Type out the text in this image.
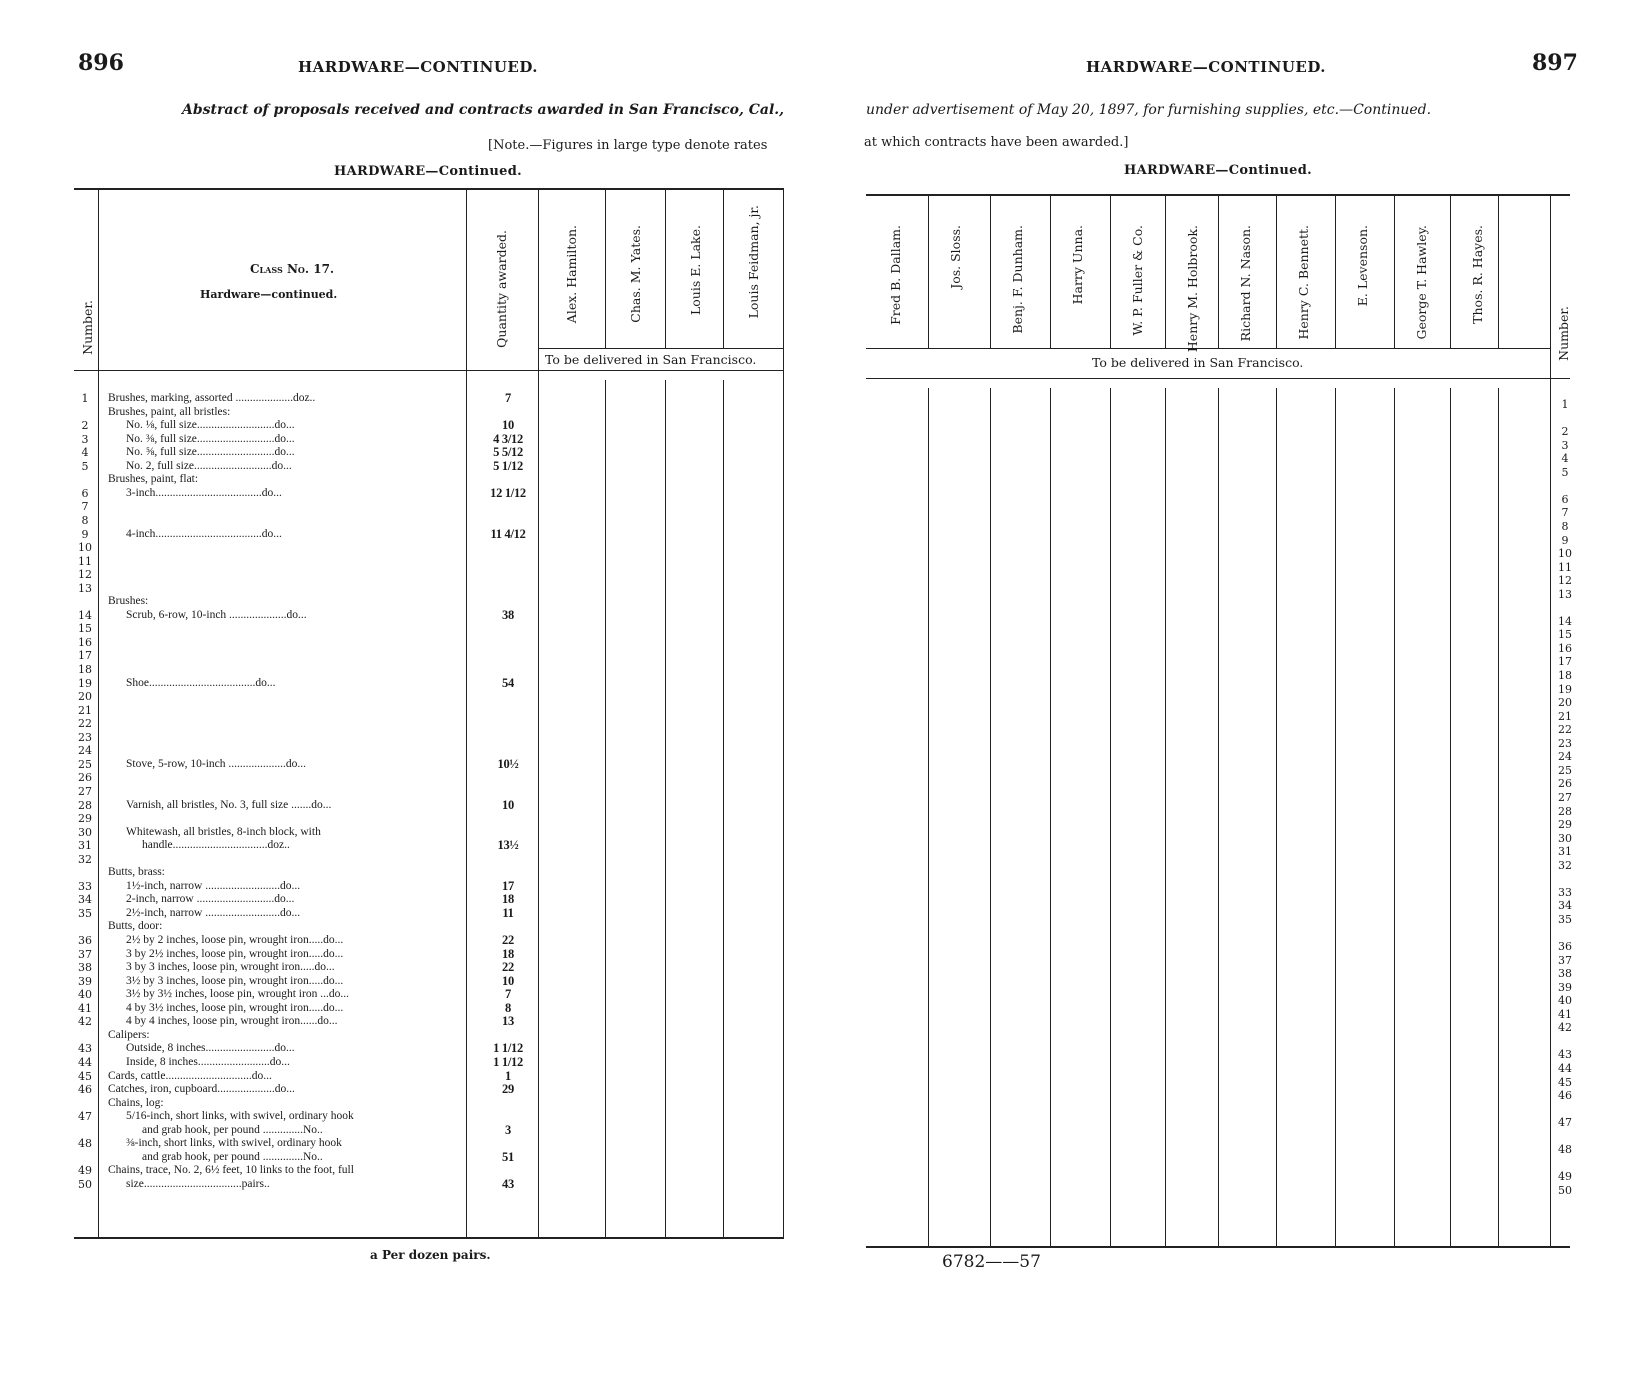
896	HARDWARE—CONTINUED.
Abstract of proposals received and contracts awarded in San Francisco, Cal.,
[Note.—Figures in large type denote rates
HARDWARE—Continued.
Number.
Class No. 17.
Hardware—continued.	Quantity awarded.	Alex. Hamilton.	Chas. M. Yates.	Louis E. Lake.	Louis Feidman, jr.
To be delivered in San Francisco.
1	Brushes, marking, assorted ....................doz..	7
Brushes, paint, all bristles:
2	No. ⅛, full size...........................do...	10
3	No. ⅜, full size...........................do...	4 3/12
4	No. ⅝, full size...........................do...	5 5/12
5	No. 2, full size...........................do...	5 1/12
Brushes, paint, flat:
6	3-inch.....................................do...	12 1/12
7
8
9	4-inch.....................................do...	11 4/12
10
11
12
13
Brushes:
14	Scrub, 6-row, 10-inch ....................do...	38
15
16
17
18
19	Shoe.....................................do...	54
20
21
22
23
24
25	Stove, 5-row, 10-inch ....................do...	10½
26
27
28	Varnish, all bristles, No. 3, full size .......do...	10
29
30	Whitewash, all bristles, 8-inch block, with
31	handle.................................doz..	13½
32
Butts, brass:
33	1½-inch, narrow ..........................do...	17
34	2-inch, narrow ...........................do...	18
35	2½-inch, narrow ..........................do...	11
Butts, door:
36	2½ by 2 inches, loose pin, wrought iron.....do...	22
37	3 by 2½ inches, loose pin, wrought iron.....do...	18
38	3 by 3 inches, loose pin, wrought iron.....do...	22
39	3½ by 3 inches, loose pin, wrought iron.....do...	10
40	3½ by 3½ inches, loose pin, wrought iron ...do...	7
41	4 by 3½ inches, loose pin, wrought iron.....do...	8
42	4 by 4 inches, loose pin, wrought iron......do...	13
Calipers:
43	Outside, 8 inches........................do...	1 1/12
44	Inside, 8 inches.........................do...	1 1/12
45	Cards, cattle..............................do...	1
46	Catches, iron, cupboard....................do...	29
Chains, log:
47	5/16-inch, short links, with swivel, ordinary hook
and grab hook, per pound ..............No..	3
48	⅜-inch, short links, with swivel, ordinary hook
and grab hook, per pound ..............No..	51
49	Chains, trace, No. 2, 6½ feet, 10 links to the foot, full
50	size..................................pairs..	43
a Per dozen pairs.
HARDWARE—CONTINUED.	897
under advertisement of May 20, 1897, for furnishing supplies, etc.—Continued.
at which contracts have been awarded.]
HARDWARE—Continued.
Number.
Fred B. Dallam.	Jos. Sloss.	Benj. F. Dunham.	Harry Unna.	W. P. Fuller & Co.	Henry M. Holbrook.	Richard N. Nason.	Henry C. Bennett.	E. Levenson.	George T. Hawley.	Thos. R. Hayes.
To be delivered in San Francisco.
1
2
3
4
5
6
7
8
9
10
11
12
13
14
15
16
17
18
19
20
21
22
23
24
25
26
27
28
29
30
31
32
33
34
35
36
37
38
39
40
41
42
43
44
45
46
47
48
49
50
6782——57
